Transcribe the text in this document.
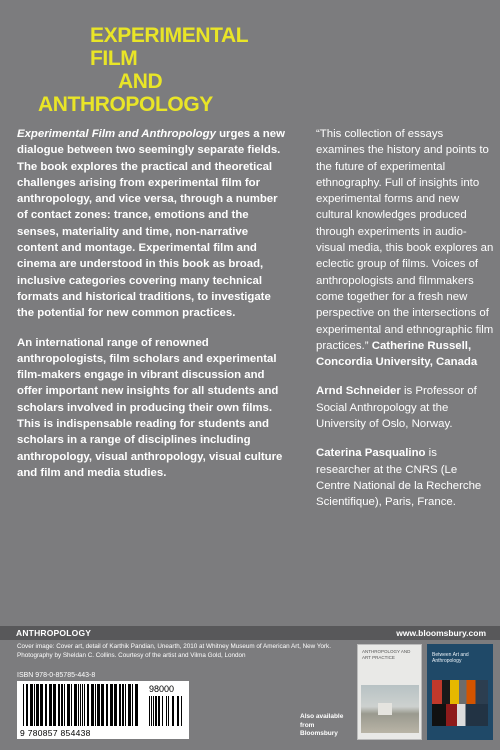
EXPERIMENTAL
FILM
AND
ANTHROPOLOGY

Experimental Film and Anthropology urges a new dialogue between two seemingly separate fields. The book explores the practical and theoretical challenges arising from experimental film for anthropology, and vice versa, through a number of contact zones: trance, emotions and the senses, materiality and time, non-narrative content and montage. Experimental film and cinema are understood in this book as broad, inclusive categories covering many technical formats and historical traditions, to investigate the potential for new common practices.

An international range of renowned anthropologists, film scholars and experimental film-makers engage in vibrant discussion and offer important new insights for all students and scholars involved in producing their own films. This is indispensable reading for students and scholars in a range of disciplines including anthropology, visual anthropology, visual culture and film and media studies.

“This collection of essays examines the history and points to the future of experimental ethnography. Full of insights into experimental forms and new cultural knowledges produced through experiments in audio-visual media, this book explores an eclectic group of films. Voices of anthropologists and filmmakers come together for a fresh new perspective on the intersections of experimental and ethnographic film practices.” Catherine Russell, Concordia University, Canada

Arnd Schneider is Professor of Social Anthropology at the University of Oslo, Norway.

Caterina Pasqualino is researcher at the CNRS (Le Centre National de la Recherche Scientifique), Paris, France.

ANTHROPOLOGY	www.bloomsbury.com
Cover image: Cover art, detail of Karthik Pandian, Unearth, 2010 at Whitney Museum of American Art, New York.
Photography by Sheldan C. Collins. Courtesy of the artist and Vilma Gold, London
ISBN 978-0-85785-443-8
9 780857 854438
98000
Also available from Bloomsbury
ANTHROPOLOGY AND ART PRACTICE	Between Art and Anthropology
